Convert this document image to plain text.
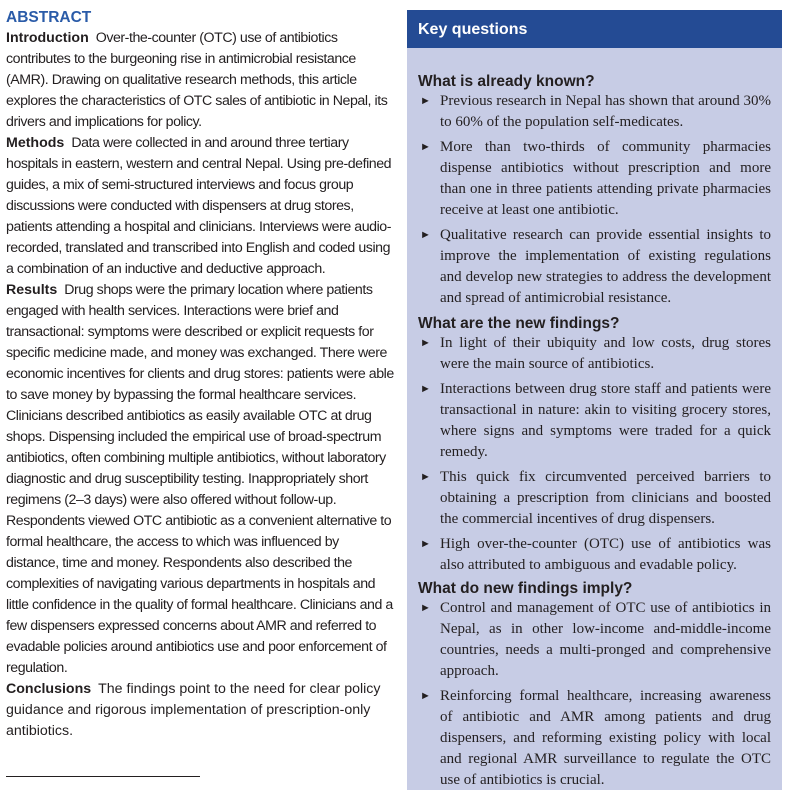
ABSTRACT

Introduction Over-the-counter (OTC) use of antibiotics contributes to the burgeoning rise in antimicrobial resistance (AMR). Drawing on qualitative research methods, this article explores the characteristics of OTC sales of antibiotic in Nepal, its drivers and implications for policy.

Methods Data were collected in and around three tertiary hospitals in eastern, western and central Nepal. Using pre-defined guides, a mix of semi-structured interviews and focus group discussions were conducted with dispensers at drug stores, patients attending a hospital and clinicians. Interviews were audio-recorded, translated and transcribed into English and coded using a combination of an inductive and deductive approach.

Results Drug shops were the primary location where patients engaged with health services. Interactions were brief and transactional: symptoms were described or explicit requests for specific medicine made, and money was exchanged. There were economic incentives for clients and drug stores: patients were able to save money by bypassing the formal healthcare services. Clinicians described antibiotics as easily available OTC at drug shops. Dispensing included the empirical use of broad-spectrum antibiotics, often combining multiple antibiotics, without laboratory diagnostic and drug susceptibility testing. Inappropriately short regimens (2–3 days) were also offered without follow-up. Respondents viewed OTC antibiotic as a convenient alternative to formal healthcare, the access to which was influenced by distance, time and money. Respondents also described the complexities of navigating various departments in hospitals and little confidence in the quality of formal healthcare. Clinicians and a few dispensers expressed concerns about AMR and referred to evadable policies around antibiotics use and poor enforcement of regulation.

Conclusions The findings point to the need for clear policy guidance and rigorous implementation of prescription-only antibiotics.

Key questions
What is already known?
► Previous research in Nepal has shown that around 30% to 60% of the population self-medicates.
► More than two-thirds of community pharmacies dispense antibiotics without prescription and more than one in three patients attending private pharmacies receive at least one antibiotic.
► Qualitative research can provide essential insights to improve the implementation of existing regulations and develop new strategies to address the development and spread of antimicrobial resistance.
What are the new findings?
► In light of their ubiquity and low costs, drug stores were the main source of antibiotics.
► Interactions between drug store staff and patients were transactional in nature: akin to visiting grocery stores, where signs and symptoms were traded for a quick remedy.
► This quick fix circumvented perceived barriers to obtaining a prescription from clinicians and boosted the commercial incentives of drug dispensers.
► High over-the-counter (OTC) use of antibiotics was also attributed to ambiguous and evadable policy.
What do new findings imply?
► Control and management of OTC use of antibiotics in Nepal, as in other low-income and-middle-income countries, needs a multi-pronged and comprehensive approach.
► Reinforcing formal healthcare, increasing awareness of antibiotic and AMR among patients and drug dispensers, and reforming existing policy with local and regional AMR surveillance to regulate the OTC use of antibiotics is crucial.
